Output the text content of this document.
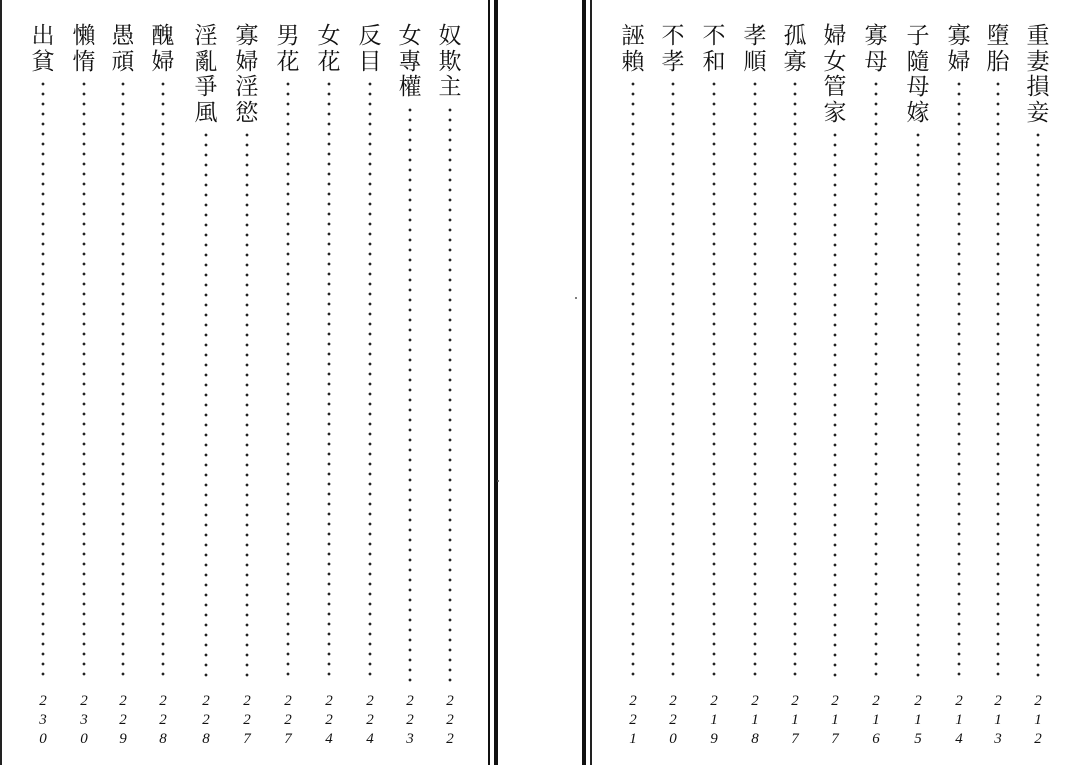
出
貧
2
3
0
懶
惰
2
3
0
愚
頑
2
2
9
醜
婦
2
2
8
淫
亂
爭
風
2
2
8
寡
婦
淫
慾
2
2
7
男
花
2
2
7
女
花
2
2
4
反
目
2
2
4
女
專
權
2
2
3
奴
欺
主
2
2
2
誣
賴
2
2
1
不
孝
2
2
0
不
和
2
1
9
孝
順
2
1
8
孤
寡
2
1
7
婦
女
管
家
2
1
7
寡
母
2
1
6
子
隨
母
嫁
2
1
5
寡
婦
2
1
4
墮
胎
2
1
3
重
妻
損
妾
2
1
2
